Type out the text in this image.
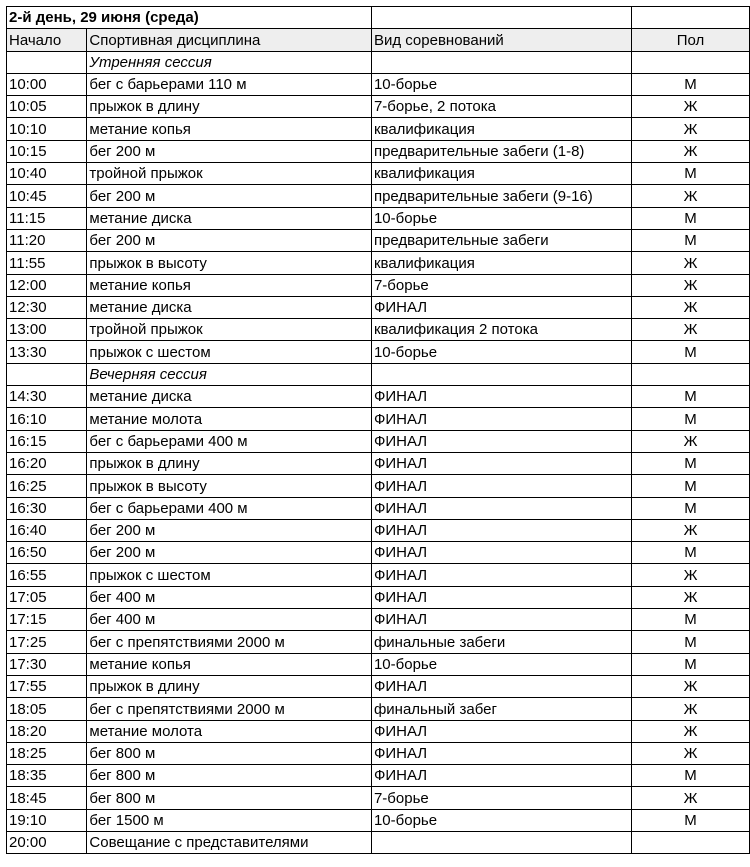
2-й день, 29 июня (среда)			
Начало	Спортивная дисциплина	Вид соревнований	Пол
	Утренняя сессия		
10:00	бег с барьерами 110 м	10-борье	М
10:05	прыжок в длину	7-борье, 2 потока	Ж
10:10	метание копья	квалификация	Ж
10:15	бег 200 м	предварительные забеги (1-8)	Ж
10:40	тройной прыжок	квалификация	М
10:45	бег 200 м	предварительные забеги (9-16)	Ж
11:15	метание диска	10-борье	М
11:20	бег 200 м	предварительные забеги	М
11:55	прыжок в высоту	квалификация	Ж
12:00	метание копья	7-борье	Ж
12:30	метание диска	ФИНАЛ	Ж
13:00	тройной прыжок	квалификация 2 потока	Ж
13:30	прыжок с шестом	10-борье	М
	Вечерняя сессия		
14:30	метание диска	ФИНАЛ	М
16:10	метание молота	ФИНАЛ	М
16:15	бег с барьерами 400 м	ФИНАЛ	Ж
16:20	прыжок в длину	ФИНАЛ	М
16:25	прыжок в высоту	ФИНАЛ	М
16:30	бег с барьерами 400 м	ФИНАЛ	М
16:40	бег 200 м	ФИНАЛ	Ж
16:50	бег 200 м	ФИНАЛ	М
16:55	прыжок с шестом	ФИНАЛ	Ж
17:05	бег 400 м	ФИНАЛ	Ж
17:15	бег 400 м	ФИНАЛ	М
17:25	бег с препятствиями 2000 м	финальные забеги	М
17:30	метание копья	10-борье	М
17:55	прыжок в длину	ФИНАЛ	Ж
18:05	бег с препятствиями 2000 м	финальный забег	Ж
18:20	метание молота	ФИНАЛ	Ж
18:25	бег 800 м	ФИНАЛ	Ж
18:35	бег 800 м	ФИНАЛ	М
18:45	бег 800 м	7-борье	Ж
19:10	бег 1500 м	10-борье	М
20:00	Совещание с представителями		
